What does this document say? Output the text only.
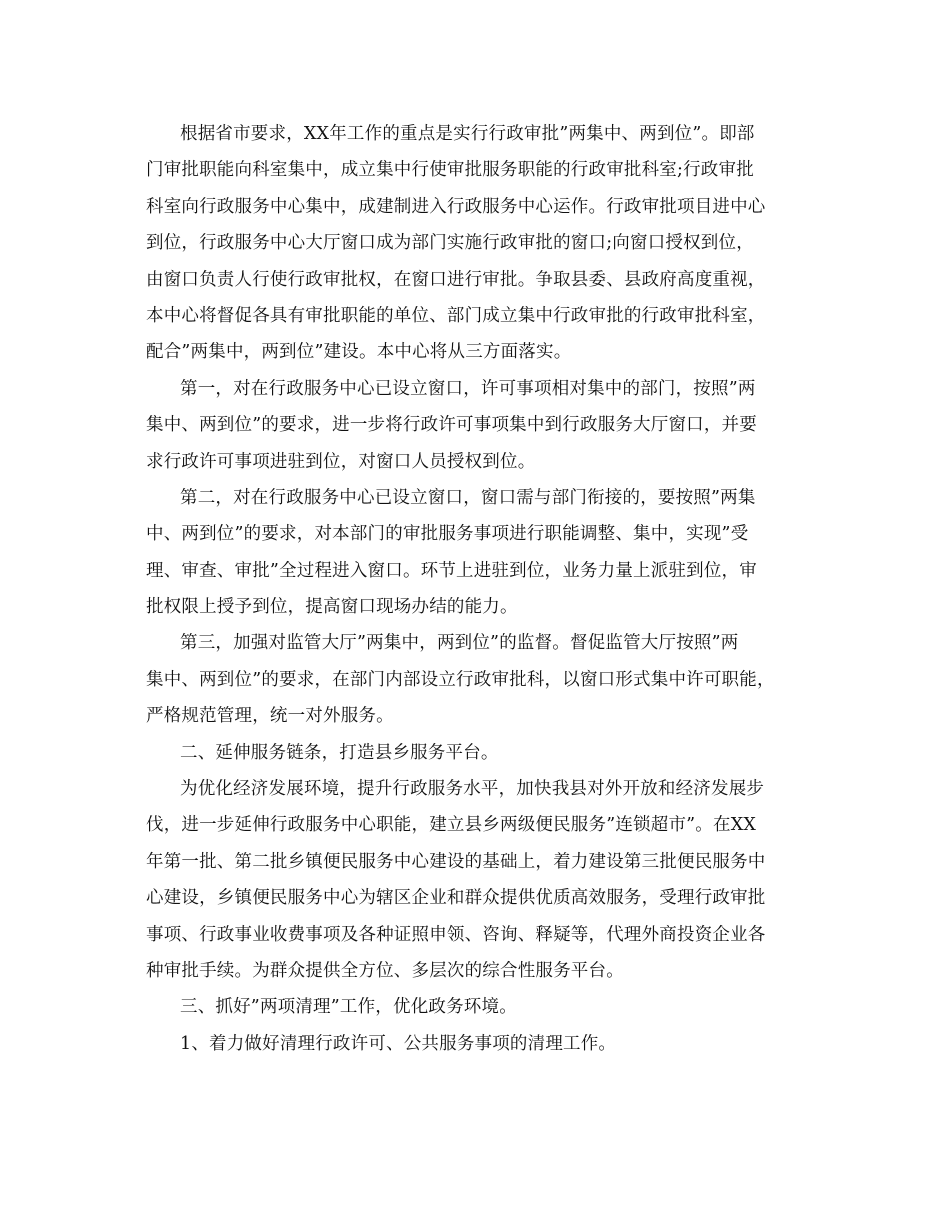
根据省市要求，XX年工作的重点是实行行政审批”两集中、两到位”。即部
门审批职能向科室集中，成立集中行使审批服务职能的行政审批科室;行政审批
科室向行政服务中心集中，成建制进入行政服务中心运作。行政审批项目进中心
到位，行政服务中心大厅窗口成为部门实施行政审批的窗口;向窗口授权到位，
由窗口负责人行使行政审批权，在窗口进行审批。争取县委、县政府高度重视，
本中心将督促各具有审批职能的单位、部门成立集中行政审批的行政审批科室，
配合”两集中，两到位”建设。本中心将从三方面落实。
第一，对在行政服务中心已设立窗口，许可事项相对集中的部门，按照”两
集中、两到位”的要求，进一步将行政许可事项集中到行政服务大厅窗口，并要
求行政许可事项进驻到位，对窗口人员授权到位。
第二，对在行政服务中心已设立窗口，窗口需与部门衔接的，要按照”两集
中、两到位”的要求，对本部门的审批服务事项进行职能调整、集中，实现”受
理、审查、审批”全过程进入窗口。环节上进驻到位，业务力量上派驻到位，审
批权限上授予到位，提高窗口现场办结的能力。
第三，加强对监管大厅”两集中，两到位”的监督。督促监管大厅按照”两
集中、两到位”的要求，在部门内部设立行政审批科，以窗口形式集中许可职能，
严格规范管理，统一对外服务。
二、延伸服务链条，打造县乡服务平台。
为优化经济发展环境，提升行政服务水平，加快我县对外开放和经济发展步
伐，进一步延伸行政服务中心职能，建立县乡两级便民服务”连锁超市”。在XX
年第一批、第二批乡镇便民服务中心建设的基础上，着力建设第三批便民服务中
心建设，乡镇便民服务中心为辖区企业和群众提供优质高效服务，受理行政审批
事项、行政事业收费事项及各种证照申领、咨询、释疑等，代理外商投资企业各
种审批手续。为群众提供全方位、多层次的综合性服务平台。
三、抓好”两项清理”工作，优化政务环境。
1、着力做好清理行政许可、公共服务事项的清理工作。
